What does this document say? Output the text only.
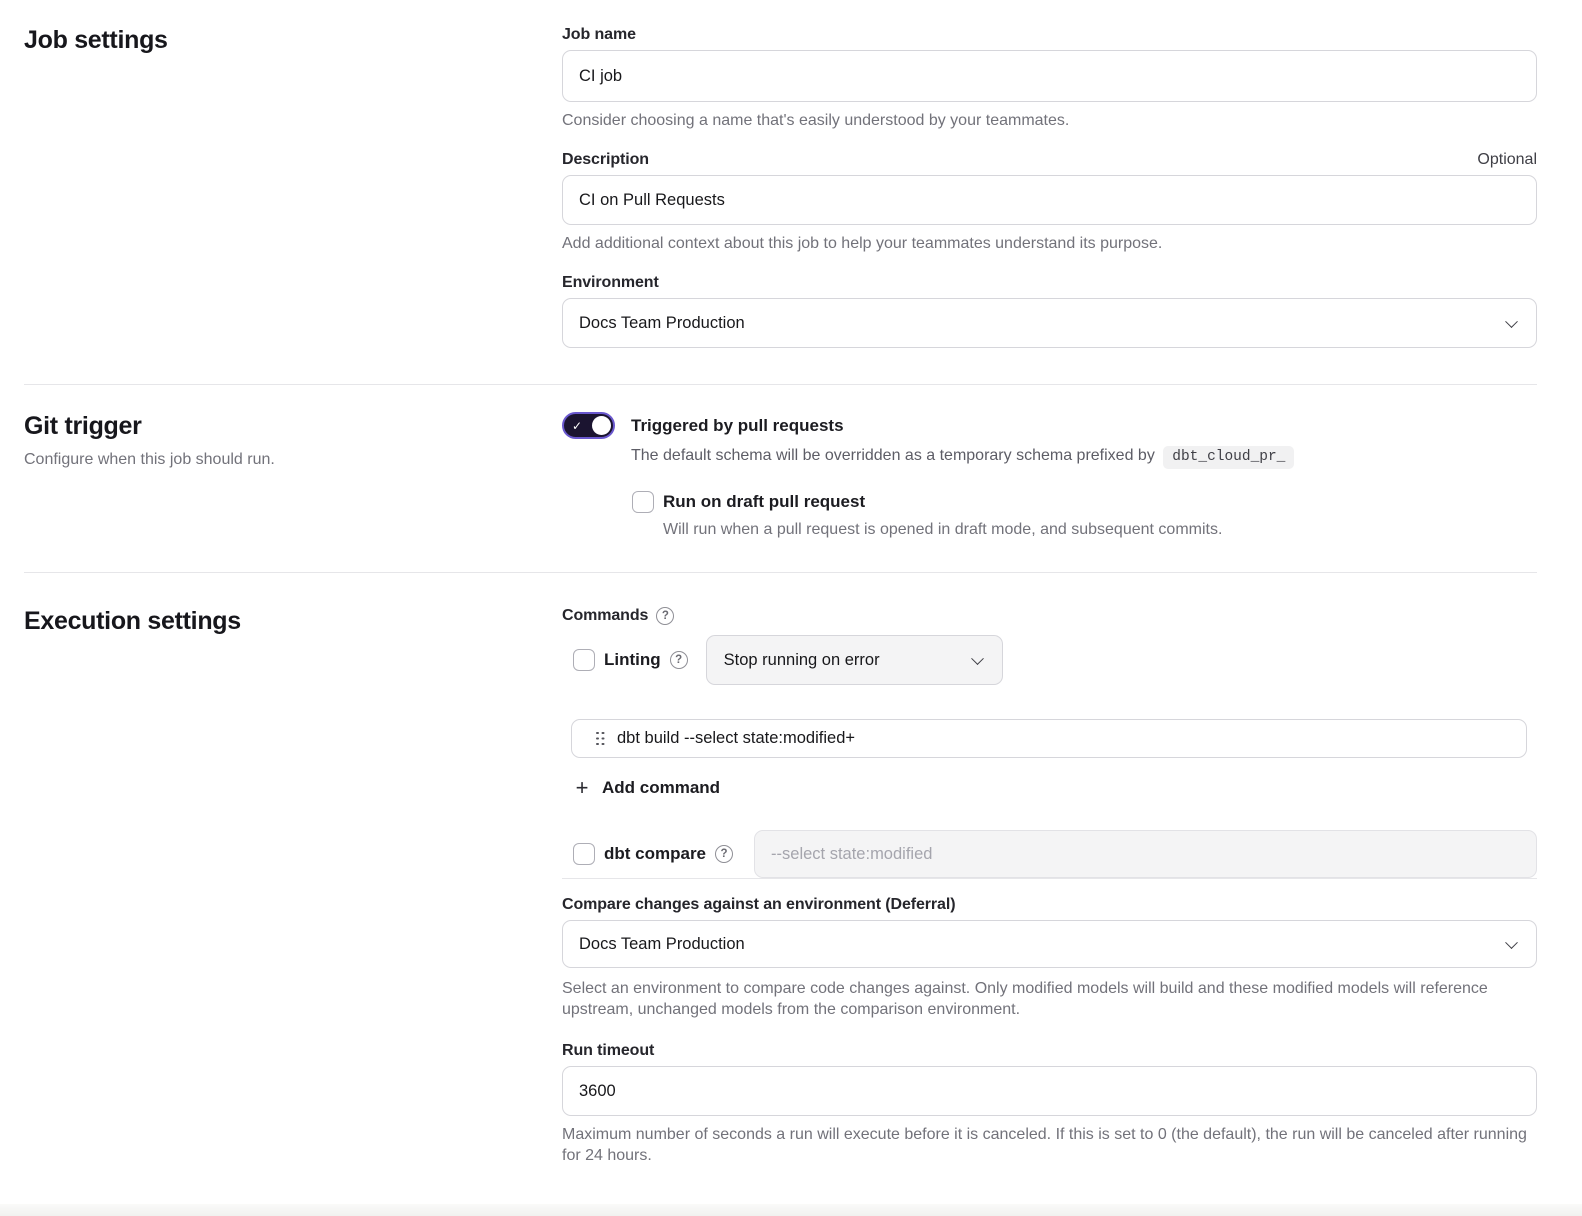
Job settings	Job name
CI job
Consider choosing a name that's easily understood by your teammates.
Description	Optional
CI on Pull Requests
Add additional context about this job to help your teammates understand its purpose.
Environment
Docs Team Production
Git trigger
Configure when this job should run.
✓
Triggered by pull requests
The default schema will be overridden as a temporary schema prefixed by dbt_cloud_pr_
Run on draft pull request
Will run when a pull request is opened in draft mode, and subsequent commits.
Execution settings	Commands
?
Linting ?	Stop running on error
dbt build --select state:modified+
+
Add command
dbt compare
?
--select state:modified
Compare changes against an environment (Deferral)
Docs Team Production
Select an environment to compare code changes against. Only modified models will build and these modified models will reference upstream, unchanged models from the comparison environment.
Run timeout
3600
Maximum number of seconds a run will execute before it is canceled. If this is set to 0 (the default), the run will be canceled after running for 24 hours.
